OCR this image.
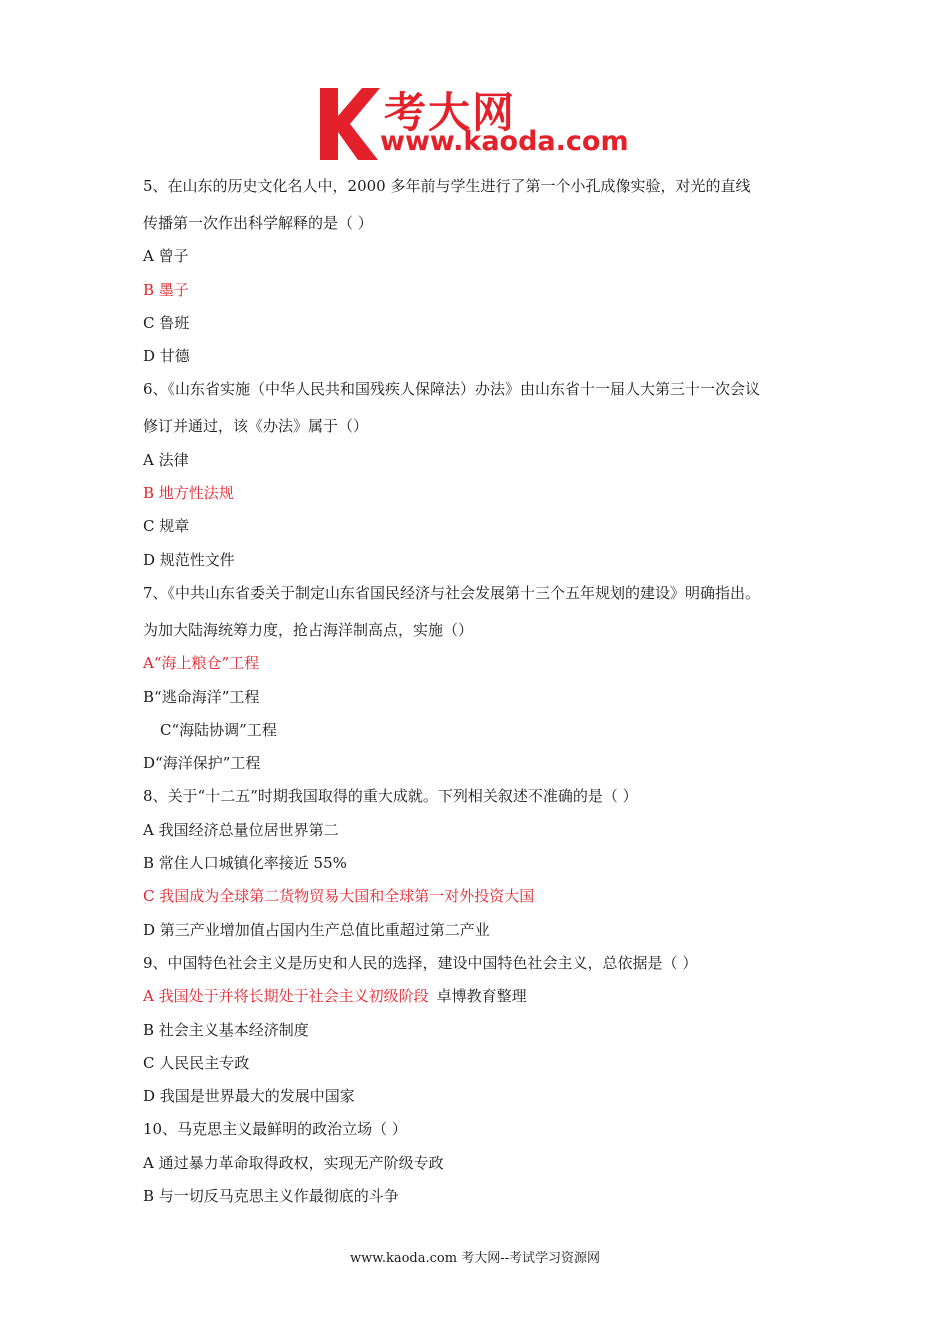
考大网
www.kaoda.com
5、在山东的历史文化名人中，2000 多年前与学生进行了第一个小孔成像实验，对光的直线
传播第一次作出科学解释的是（ ）
A 曾子
B 墨子
C 鲁班
D 甘德
6、《山东省实施（中华人民共和国残疾人保障法）办法》由山东省十一届人大第三十一次会议
修订并通过，该《办法》属于（）
A 法律
B 地方性法规
C 规章
D 规范性文件
7、《中共山东省委关于制定山东省国民经济与社会发展第十三个五年规划的建设》明确指出。
为加大陆海统筹力度，抢占海洋制高点，实施（）
A“海上粮仓”工程
B“逃命海洋”工程
C“海陆协调”工程
D“海洋保护”工程
8、关于“十二五”时期我国取得的重大成就。下列相关叙述不准确的是（ ）
A 我国经济总量位居世界第二
B 常住人口城镇化率接近 55%
C 我国成为全球第二货物贸易大国和全球第一对外投资大国
D 第三产业增加值占国内生产总值比重超过第二产业
9、中国特色社会主义是历史和人民的选择，建设中国特色社会主义，总依据是（ ）
A 我国处于并将长期处于社会主义初级阶段 卓博教育整理
B 社会主义基本经济制度
C 人民民主专政
D 我国是世界最大的发展中国家
10、马克思主义最鲜明的政治立场（ ）
A 通过暴力革命取得政权，实现无产阶级专政
B 与一切反马克思主义作最彻底的斗争
www.kaoda.com 考大网--考试学习资源网
